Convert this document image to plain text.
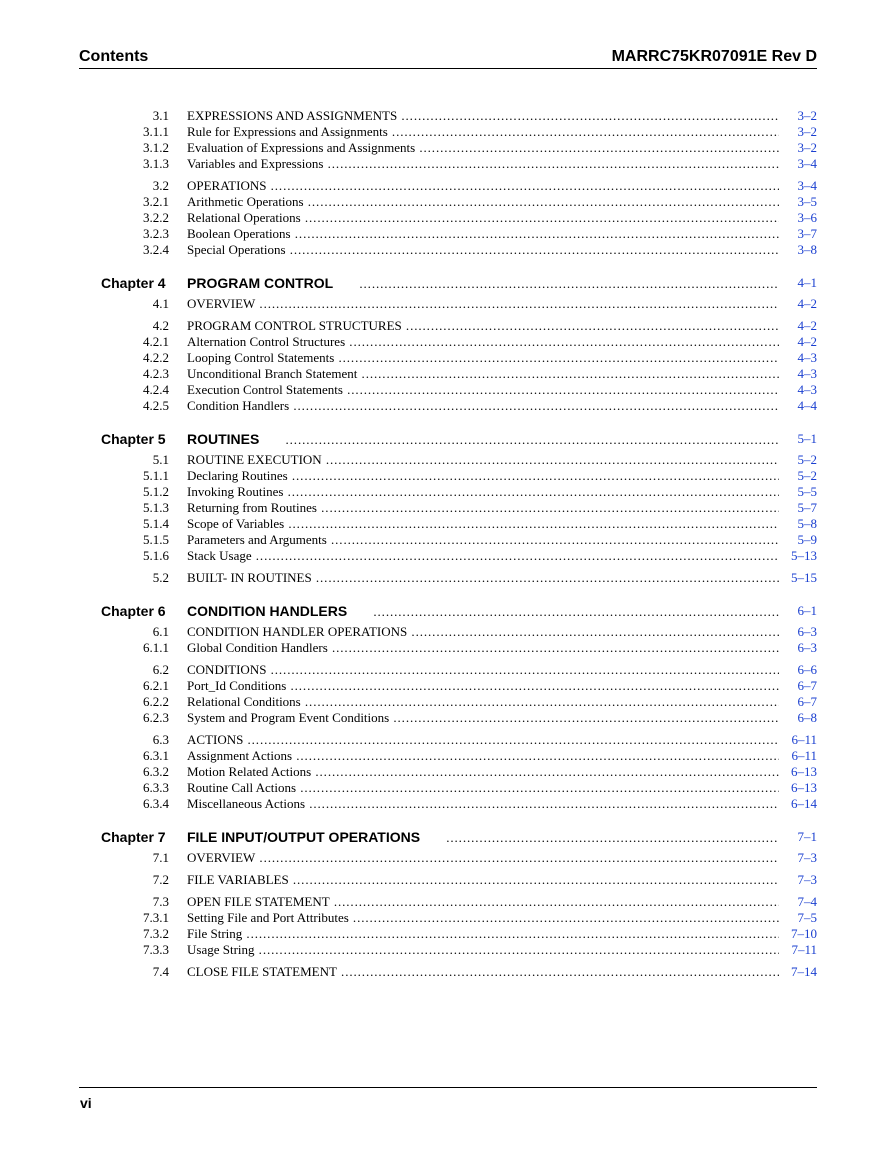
Contents	MARRC75KR07091E Rev D
3.1 EXPRESSIONS AND ASSIGNMENTS .....	3–2
3.1.1 Rule for Expressions and Assignments .....	3–2
3.1.2 Evaluation of Expressions and Assignments .....	3–2
3.1.3 Variables and Expressions .....	3–4
3.2 OPERATIONS .....	3–4
3.2.1 Arithmetic Operations .....	3–5
3.2.2 Relational Operations .....	3–6
3.2.3 Boolean Operations .....	3–7
3.2.4 Special Operations .....	3–8
Chapter 4 PROGRAM CONTROL .....	4–1
4.1 OVERVIEW .....	4–2
4.2 PROGRAM CONTROL STRUCTURES .....	4–2
4.2.1 Alternation Control Structures .....	4–2
4.2.2 Looping Control Statements .....	4–3
4.2.3 Unconditional Branch Statement .....	4–3
4.2.4 Execution Control Statements .....	4–3
4.2.5 Condition Handlers .....	4–4
Chapter 5 ROUTINES .....	5–1
5.1 ROUTINE EXECUTION .....	5–2
5.1.1 Declaring Routines .....	5–2
5.1.2 Invoking Routines .....	5–5
5.1.3 Returning from Routines .....	5–7
5.1.4 Scope of Variables .....	5–8
5.1.5 Parameters and Arguments .....	5–9
5.1.6 Stack Usage .....	5–13
5.2 BUILT- IN ROUTINES .....	5–15
Chapter 6 CONDITION HANDLERS .....	6–1
6.1 CONDITION HANDLER OPERATIONS .....	6–3
6.1.1 Global Condition Handlers .....	6–3
6.2 CONDITIONS .....	6–6
6.2.1 Port_Id Conditions .....	6–7
6.2.2 Relational Conditions .....	6–7
6.2.3 System and Program Event Conditions .....	6–8
6.3 ACTIONS .....	6–11
6.3.1 Assignment Actions .....	6–11
6.3.2 Motion Related Actions .....	6–13
6.3.3 Routine Call Actions .....	6–13
6.3.4 Miscellaneous Actions .....	6–14
Chapter 7 FILE INPUT/OUTPUT OPERATIONS .....	7–1
7.1 OVERVIEW .....	7–3
7.2 FILE VARIABLES .....	7–3
7.3 OPEN FILE STATEMENT .....	7–4
7.3.1 Setting File and Port Attributes .....	7–5
7.3.2 File String .....	7–10
7.3.3 Usage String .....	7–11
7.4 CLOSE FILE STATEMENT .....	7–14
vi
